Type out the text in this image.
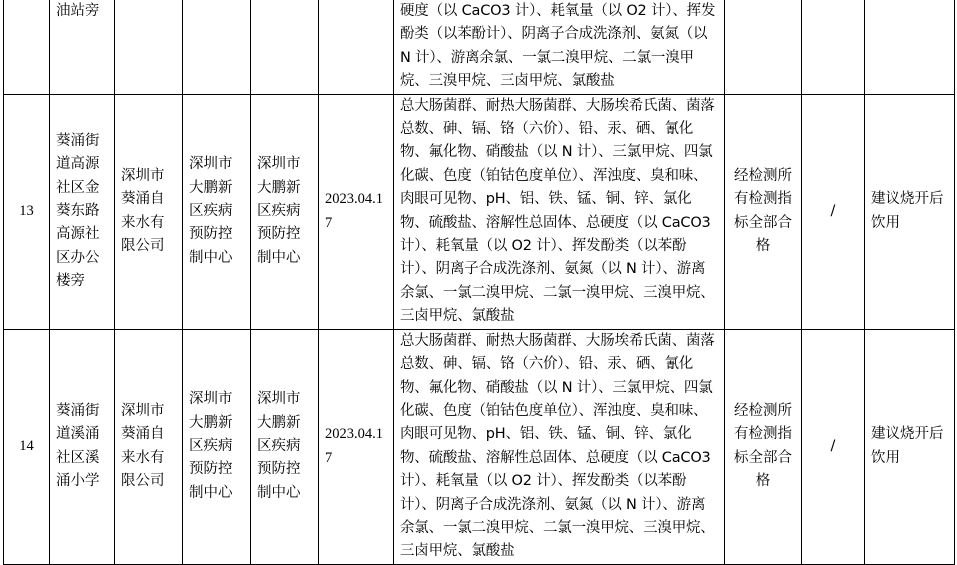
	油站旁					硬度（以 CaCO3 计）、耗氧量（以 O2 计）、挥发酚类（以苯酚计）、阴离子合成洗涤剂、氨氮（以 N 计）、游离余氯、一氯二溴甲烷、二氯一溴甲烷、三溴甲烷、三卤甲烷、氯酸盐			
13	葵涌街道高源社区金葵东路高源社区办公楼旁	深圳市葵涌自来水有限公司	深圳市大鹏新区疾病预防控制中心	深圳市大鹏新区疾病预防控制中心	2023.04.17	总大肠菌群、耐热大肠菌群、大肠埃希氏菌、菌落总数、砷、镉、铬（六价）、铅、汞、硒、氰化物、氟化物、硝酸盐（以 N 计）、三氯甲烷、四氯化碳、色度（铂钴色度单位）、浑浊度、臭和味、肉眼可见物、pH、铝、铁、锰、铜、锌、氯化物、硫酸盐、溶解性总固体、总硬度（以 CaCO3 计）、耗氧量（以 O2 计）、挥发酚类（以苯酚计）、阴离子合成洗涤剂、氨氮（以 N 计）、游离余氯、一氯二溴甲烷、二氯一溴甲烷、三溴甲烷、三卤甲烷、氯酸盐	经检测所有检测指标全部合格	/	建议烧开后饮用
14	葵涌街道溪涌社区溪涌小学	深圳市葵涌自来水有限公司	深圳市大鹏新区疾病预防控制中心	深圳市大鹏新区疾病预防控制中心	2023.04.17	总大肠菌群、耐热大肠菌群、大肠埃希氏菌、菌落总数、砷、镉、铬（六价）、铅、汞、硒、氰化物、氟化物、硝酸盐（以 N 计）、三氯甲烷、四氯化碳、色度（铂钴色度单位）、浑浊度、臭和味、肉眼可见物、pH、铝、铁、锰、铜、锌、氯化物、硫酸盐、溶解性总固体、总硬度（以 CaCO3 计）、耗氧量（以 O2 计）、挥发酚类（以苯酚计）、阴离子合成洗涤剂、氨氮（以 N 计）、游离余氯、一氯二溴甲烷、二氯一溴甲烷、三溴甲烷、三卤甲烷、氯酸盐	经检测所有检测指标全部合格	/	建议烧开后饮用
